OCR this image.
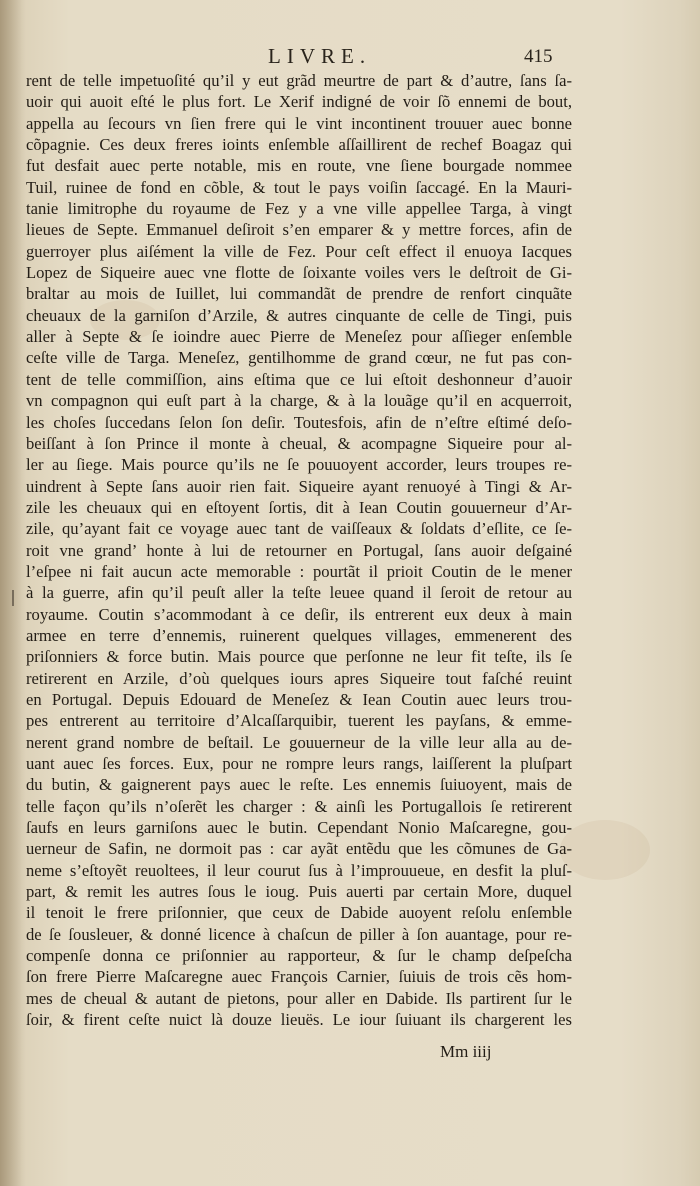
LIVRE.	415
rent de telle impetuoſité qu’il y eut grãd meurtre de part & d’autre, ſans ſa-
uoir qui auoit eſté le plus fort. Le Xerif indigné de voir ſõ ennemi de bout,
appella au ſecours vn ſien frere qui le vint incontinent trouuer auec bonne
cõpagnie. Ces deux freres ioints enſemble aſſaillirent de rechef Boagaz qui
fut desfait auec perte notable, mis en route, vne ſiene bourgade nommee
Tuil, ruinee de fond en cõble, & tout le pays voiſin ſaccagé. En la Mauri-
tanie limitrophe du royaume de Fez y a vne ville appellee Targa, à vingt
lieues de Septe. Emmanuel deſiroit s’en emparer & y mettre forces, afin de
guerroyer plus aiſément la ville de Fez. Pour ceſt effect il enuoya Iacques
Lopez de Siqueire auec vne flotte de ſoixante voiles vers le deſtroit de Gi-
braltar au mois de Iuillet, lui commandãt de prendre de renfort cinquãte
cheuaux de la garniſon d’Arzile, & autres cinquante de celle de Tingi, puis
aller à Septe & ſe ioindre auec Pierre de Meneſez pour aſſieger enſemble
ceſte ville de Targa. Meneſez, gentilhomme de grand cœur, ne fut pas con-
tent de telle commiſſion, ains eſtima que ce lui eſtoit deshonneur d’auoir
vn compagnon qui euſt part à la charge, & à la louãge qu’il en acquerroit,
les choſes ſuccedans ſelon ſon deſir. Toutesfois, afin de n’eſtre eſtimé deſo-
beiſſant à ſon Prince il monte à cheual, & acompagne Siqueire pour al-
ler au ſiege. Mais pource qu’ils ne ſe pouuoyent accorder, leurs troupes re-
uindrent à Septe ſans auoir rien fait. Siqueire ayant renuoyé à Tingi & Ar-
zile les cheuaux qui en eſtoyent ſortis, dit à Iean Coutin gouuerneur d’Ar-
zile, qu’ayant fait ce voyage auec tant de vaiſſeaux & ſoldats d’eſlite, ce ſe-
roit vne grand’ honte à lui de retourner en Portugal, ſans auoir deſgainé
l’eſpee ni fait aucun acte memorable : pourtãt il prioit Coutin de le mener
à la guerre, afin qu’il peuſt aller la teſte leuee quand il ſeroit de retour au
royaume. Coutin s’acommodant à ce deſir, ils entrerent eux deux à main
armee en terre d’ennemis, ruinerent quelques villages, emmenerent des
priſonniers & force butin. Mais pource que perſonne ne leur fit teſte, ils ſe
retirerent en Arzile, d’où quelques iours apres Siqueire tout faſché reuint
en Portugal. Depuis Edouard de Meneſez & Iean Coutin auec leurs trou-
pes entrerent au territoire d’Alcaſſarquibir, tuerent les payſans, & emme-
nerent grand nombre de beſtail. Le gouuerneur de la ville leur alla au de-
uant auec ſes forces. Eux, pour ne rompre leurs rangs, laiſſerent la pluſpart
du butin, & gaignerent pays auec le reſte. Les ennemis ſuiuoyent, mais de
telle façon qu’ils n’oſerẽt les charger : & ainſi les Portugallois ſe retirerent
ſaufs en leurs garniſons auec le butin. Cependant Nonio Maſcaregne, gou-
uerneur de Safin, ne dormoit pas : car ayãt entẽdu que les cõmunes de Ga-
neme s’eſtoyẽt reuoltees, il leur courut ſus à l’improuueue, en desfit la pluſ-
part, & remit les autres ſous le ioug. Puis auerti par certain More, duquel
il tenoit le frere priſonnier, que ceux de Dabide auoyent reſolu enſemble
de ſe ſousleuer, & donné licence à chaſcun de piller à ſon auantage, pour re-
compenſe donna ce priſonnier au rapporteur, & ſur le champ deſpeſcha
ſon frere Pierre Maſcaregne auec François Carnier, ſuiuis de trois cẽs hom-
mes de cheual & autant de pietons, pour aller en Dabide. Ils partirent ſur le
ſoir, & firent ceſte nuict là douze lieuës. Le iour ſuiuant ils chargerent les
Mm iiij
